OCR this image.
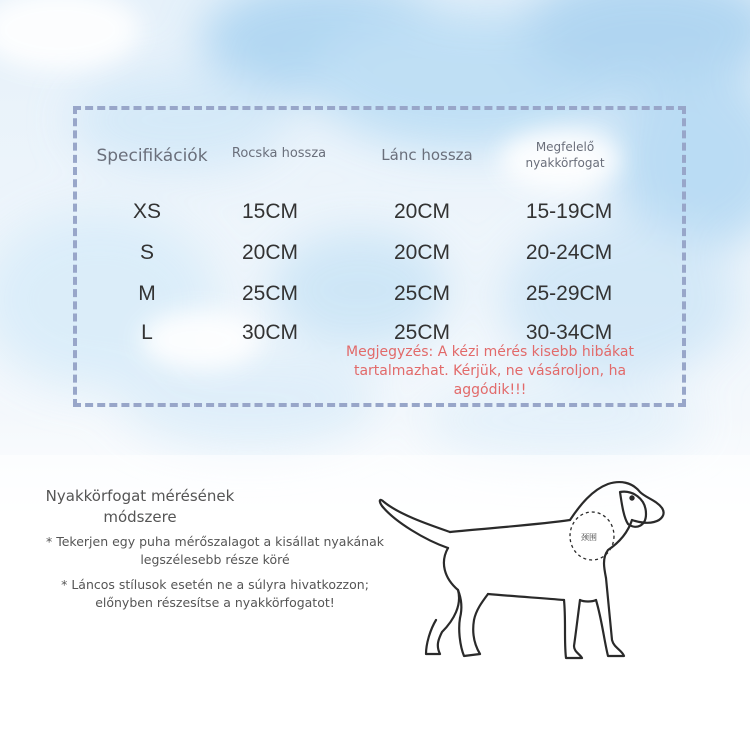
Specifikációk	Rocska hossza	Lánc hossza	Megfelelő
nyakkörfogat
XS	15CM	20CM	15-19CM
S	20CM	20CM	20-24CM
M	25CM	25CM	25-29CM
L	30CM	25CM	30-34CM
Megjegyzés: A kézi mérés kisebb hibákat tartalmazhat. Kérjük, ne vásároljon, ha aggódik!!!
Nyakkörfogat mérésének módszere
* Tekerjen egy puha mérőszalagot a kisállat nyakának legszélesebb része köré
* Láncos stílusok esetén ne a súlyra hivatkozzon; előnyben részesítse a nyakkörfogatot!
颈围
